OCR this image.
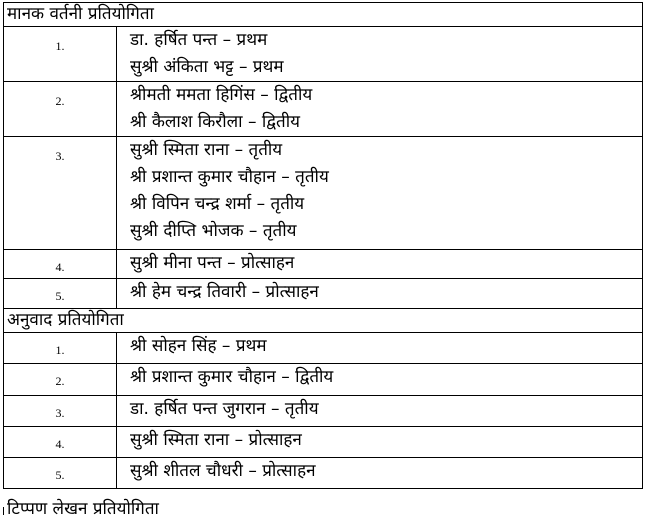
मानक वर्तनी प्रतियोगिता	

1.	डा. हर्षित पन्त – प्रथम
सुश्री अंकिता भट्ट – प्रथम

2.	श्रीमती ममता हिगिंस – द्वितीय
श्री कैलाश किरौला – द्वितीय

3.	सुश्री स्मिता राना – तृतीय
श्री प्रशान्त कुमार चौहान – तृतीय
श्री विपिन चन्द्र शर्मा – तृतीय
सुश्री दीप्ति भोजक – तृतीय

4.	सुश्री मीना पन्त – प्रोत्साहन

5.	श्री हेम चन्द्र तिवारी – प्रोत्साहन

अनुवाद प्रतियोगिता	

1.	श्री सोहन सिंह – प्रथम

2.	श्री प्रशान्त कुमार चौहान – द्वितीय

3.	डा. हर्षित पन्त जुगरान – तृतीय

4.	सुश्री स्मिता राना – प्रोत्साहन

5.	सुश्री शीतल चौधरी – प्रोत्साहन
टिप्पण लेखन प्रतियोगिता
